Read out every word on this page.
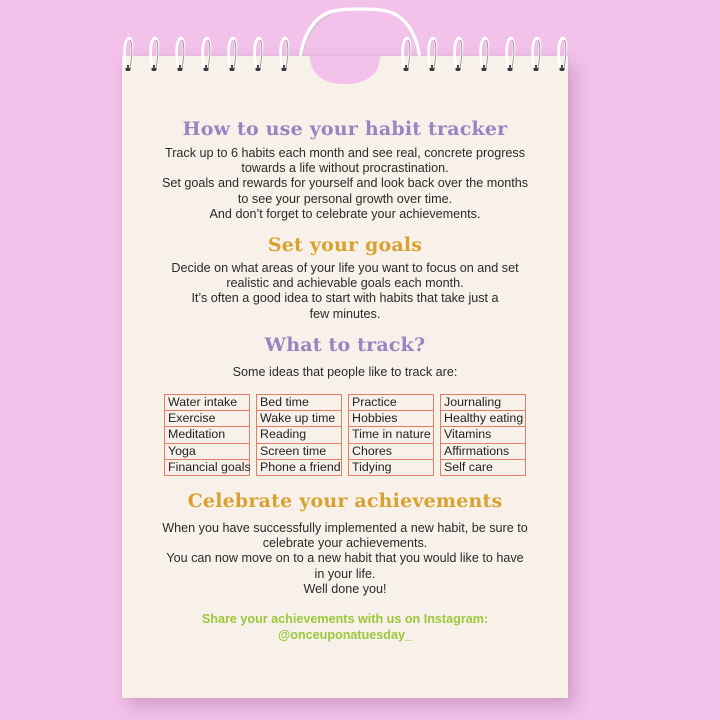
How to use your habit tracker

Track up to 6 habits each month and see real, concrete progress
towards a life without procrastination.
Set goals and rewards for yourself and look back over the months
to see your personal growth over time.
And don’t forget to celebrate your achievements.

Set your goals

Decide on what areas of your life you want to focus on and set
realistic and achievable goals each month.
It’s often a good idea to start with habits that take just a
few minutes.

What to track?

Some ideas that people like to track are:

Water intake
Exercise
Meditation
Yoga
Financial goals
Bed time
Wake up time
Reading
Screen time
Phone a friend
Practice
Hobbies
Time in nature
Chores
Tidying
Journaling
Healthy eating
Vitamins
Affirmations
Self care
Celebrate your achievements

When you have successfully implemented a new habit, be sure to
celebrate your achievements.
You can now move on to a new habit that you would like to have
in your life.
Well done you!

Share your achievements with us on Instagram:
@onceuponatuesday_
